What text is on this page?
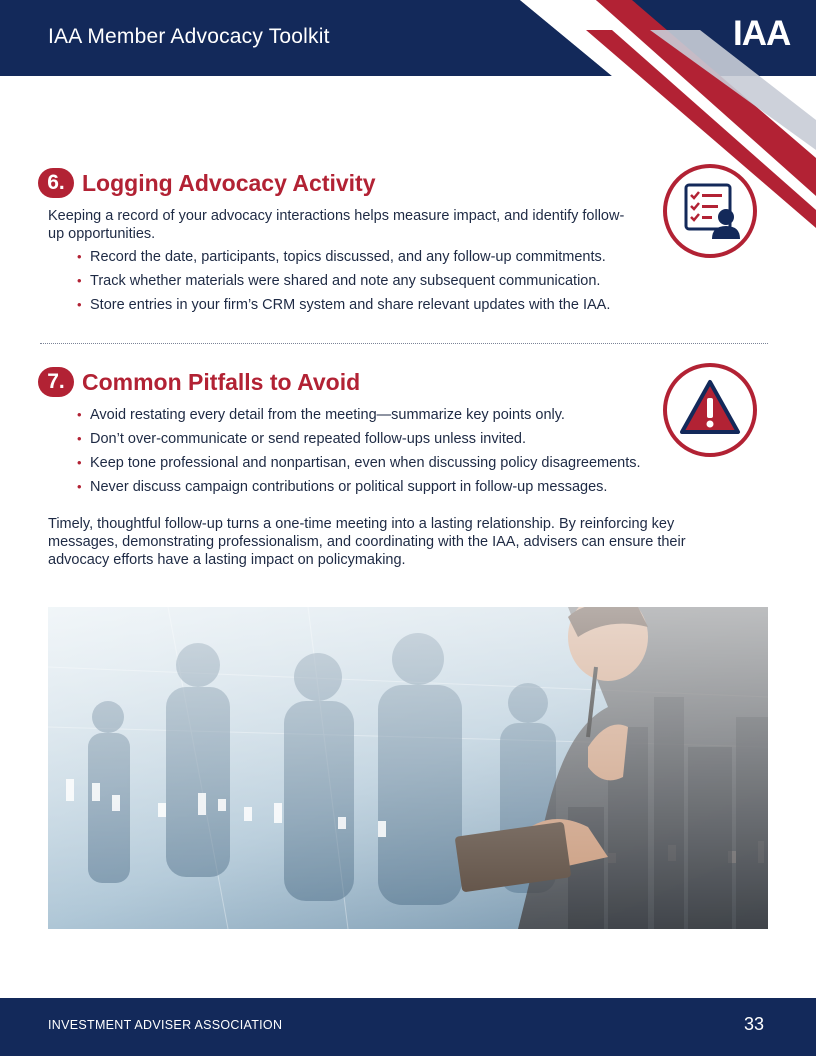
IAA Member Advocacy Toolkit	IAA
6. Logging Advocacy Activity
Keeping a record of your advocacy interactions helps measure impact, and identify follow-up opportunities.
• Record the date, participants, topics discussed, and any follow-up commitments.
• Track whether materials were shared and note any subsequent communication.
• Store entries in your firm’s CRM system and share relevant updates with the IAA.
7. Common Pitfalls to Avoid
• Avoid restating every detail from the meeting—summarize key points only.
• Don’t over-communicate or send repeated follow-ups unless invited.
• Keep tone professional and nonpartisan, even when discussing policy disagreements.
• Never discuss campaign contributions or political support in follow-up messages.
Timely, thoughtful follow-up turns a one-time meeting into a lasting relationship. By reinforcing key messages, demonstrating professionalism, and coordinating with the IAA, advisers can ensure their advocacy efforts have a lasting impact on policymaking.
INVESTMENT ADVISER ASSOCIATION	33
